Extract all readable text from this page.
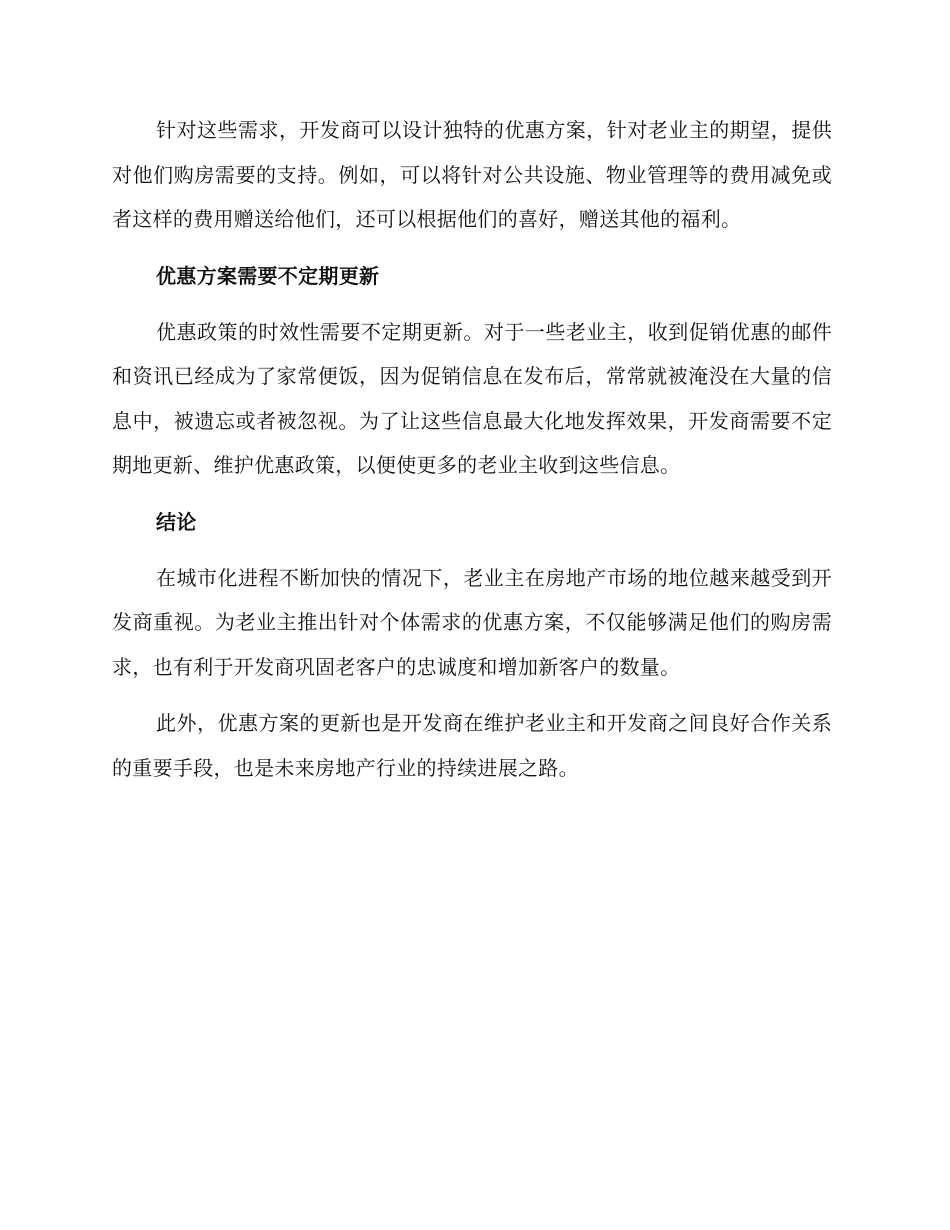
针对这些需求，开发商可以设计独特的优惠方案，针对老业主的期望，提供对他们购房需要的支持。例如，可以将针对公共设施、物业管理等的费用减免或者这样的费用赠送给他们，还可以根据他们的喜好，赠送其他的福利。

优惠方案需要不定期更新

优惠政策的时效性需要不定期更新。对于一些老业主，收到促销优惠的邮件和资讯已经成为了家常便饭，因为促销信息在发布后，常常就被淹没在大量的信息中，被遗忘或者被忽视。为了让这些信息最大化地发挥效果，开发商需要不定期地更新、维护优惠政策，以便使更多的老业主收到这些信息。

结论

在城市化进程不断加快的情况下，老业主在房地产市场的地位越来越受到开发商重视。为老业主推出针对个体需求的优惠方案，不仅能够满足他们的购房需求，也有利于开发商巩固老客户的忠诚度和增加新客户的数量。

此外，优惠方案的更新也是开发商在维护老业主和开发商之间良好合作关系的重要手段，也是未来房地产行业的持续进展之路。
